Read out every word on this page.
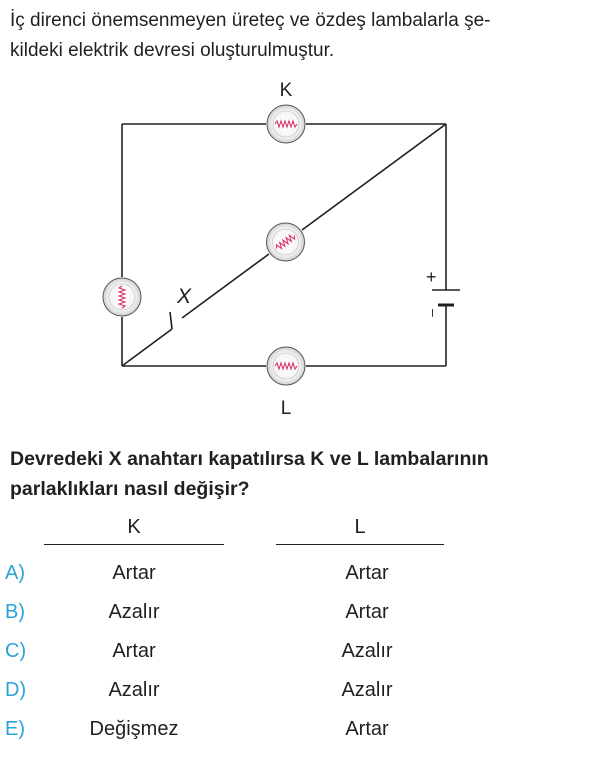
İç direnci önemsenmeyen üreteç ve özdeş lambalarla şe-
kildeki elektrik devresi oluşturulmuştur.

X
+
–
K
L

Devredeki X anahtarı kapatılırsa K ve L lambalarının
parlaklıkları nasıl değişir?

K	L
A)	Artar	Artar
B)	Azalır	Artar
C)	Artar	Azalır
D)	Azalır	Azalır
E)	Değişmez	Artar
